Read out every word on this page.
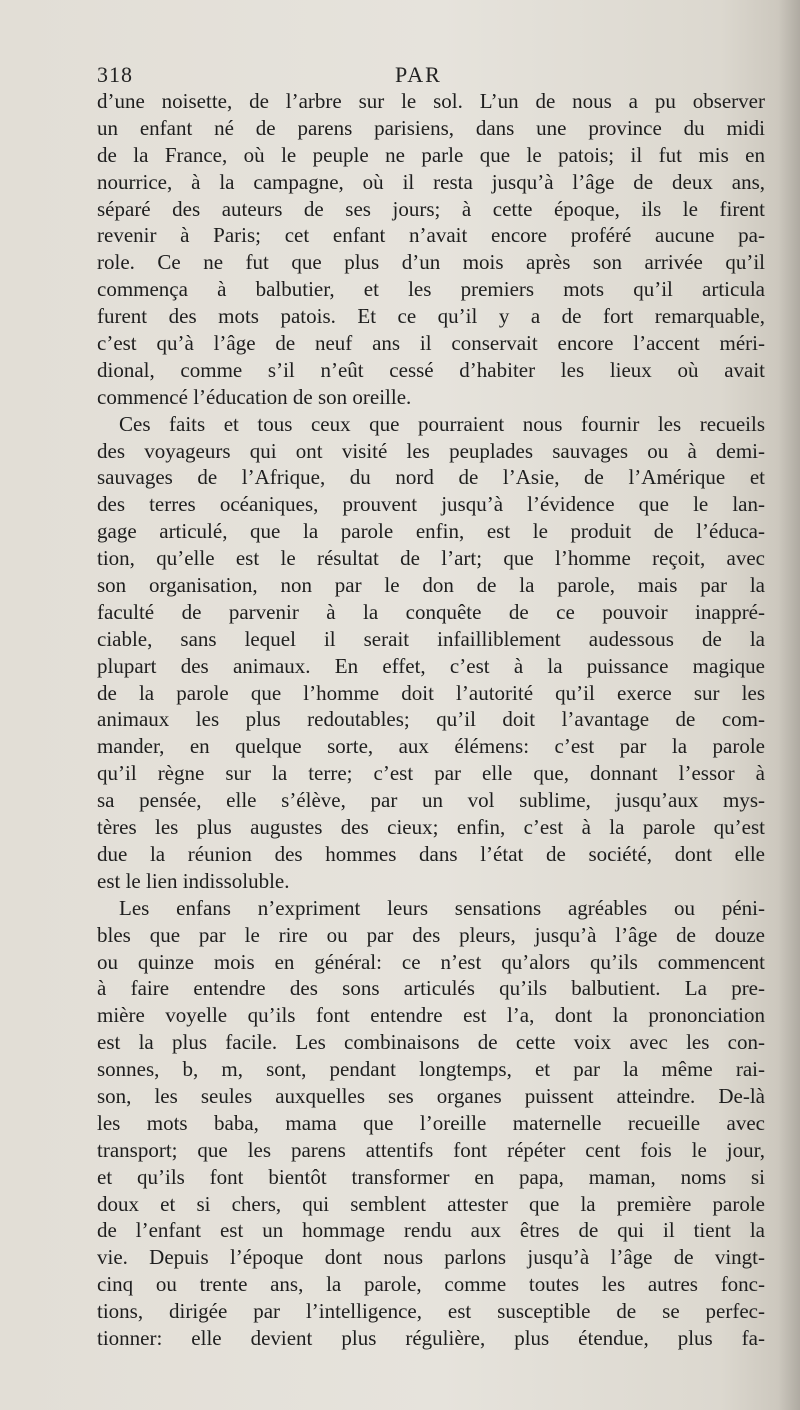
318	PAR
d’une noisette, de l’arbre sur le sol. L’un de nous a pu observer
un enfant né de parens parisiens, dans une province du midi
de la France, où le peuple ne parle que le patois; il fut mis en
nourrice, à la campagne, où il resta jusqu’à l’âge de deux ans,
séparé des auteurs de ses jours; à cette époque, ils le firent
revenir à Paris; cet enfant n’avait encore proféré aucune pa-
role. Ce ne fut que plus d’un mois après son arrivée qu’il
commença à balbutier, et les premiers mots qu’il articula
furent des mots patois. Et ce qu’il y a de fort remarquable,
c’est qu’à l’âge de neuf ans il conservait encore l’accent méri-
dional, comme s’il n’eût cessé d’habiter les lieux où avait
commencé l’éducation de son oreille.
Ces faits et tous ceux que pourraient nous fournir les recueils
des voyageurs qui ont visité les peuplades sauvages ou à demi-
sauvages de l’Afrique, du nord de l’Asie, de l’Amérique et
des terres océaniques, prouvent jusqu’à l’évidence que le lan-
gage articulé, que la parole enfin, est le produit de l’éduca-
tion, qu’elle est le résultat de l’art; que l’homme reçoit, avec
son organisation, non par le don de la parole, mais par la
faculté de parvenir à la conquête de ce pouvoir inappré-
ciable, sans lequel il serait infailliblement audessous de la
plupart des animaux. En effet, c’est à la puissance magique
de la parole que l’homme doit l’autorité qu’il exerce sur les
animaux les plus redoutables; qu’il doit l’avantage de com-
mander, en quelque sorte, aux élémens: c’est par la parole
qu’il règne sur la terre; c’est par elle que, donnant l’essor à
sa pensée, elle s’élève, par un vol sublime, jusqu’aux mys-
tères les plus augustes des cieux; enfin, c’est à la parole qu’est
due la réunion des hommes dans l’état de société, dont elle
est le lien indissoluble.
Les enfans n’expriment leurs sensations agréables ou péni-
bles que par le rire ou par des pleurs, jusqu’à l’âge de douze
ou quinze mois en général: ce n’est qu’alors qu’ils commencent
à faire entendre des sons articulés qu’ils balbutient. La pre-
mière voyelle qu’ils font entendre est l’a, dont la prononciation
est la plus facile. Les combinaisons de cette voix avec les con-
sonnes, b, m, sont, pendant longtemps, et par la même rai-
son, les seules auxquelles ses organes puissent atteindre. De-là
les mots baba, mama que l’oreille maternelle recueille avec
transport; que les parens attentifs font répéter cent fois le jour,
et qu’ils font bientôt transformer en papa, maman, noms si
doux et si chers, qui semblent attester que la première parole
de l’enfant est un hommage rendu aux êtres de qui il tient la
vie. Depuis l’époque dont nous parlons jusqu’à l’âge de vingt-
cinq ou trente ans, la parole, comme toutes les autres fonc-
tions, dirigée par l’intelligence, est susceptible de se perfec-
tionner: elle devient plus régulière, plus étendue, plus fa-
